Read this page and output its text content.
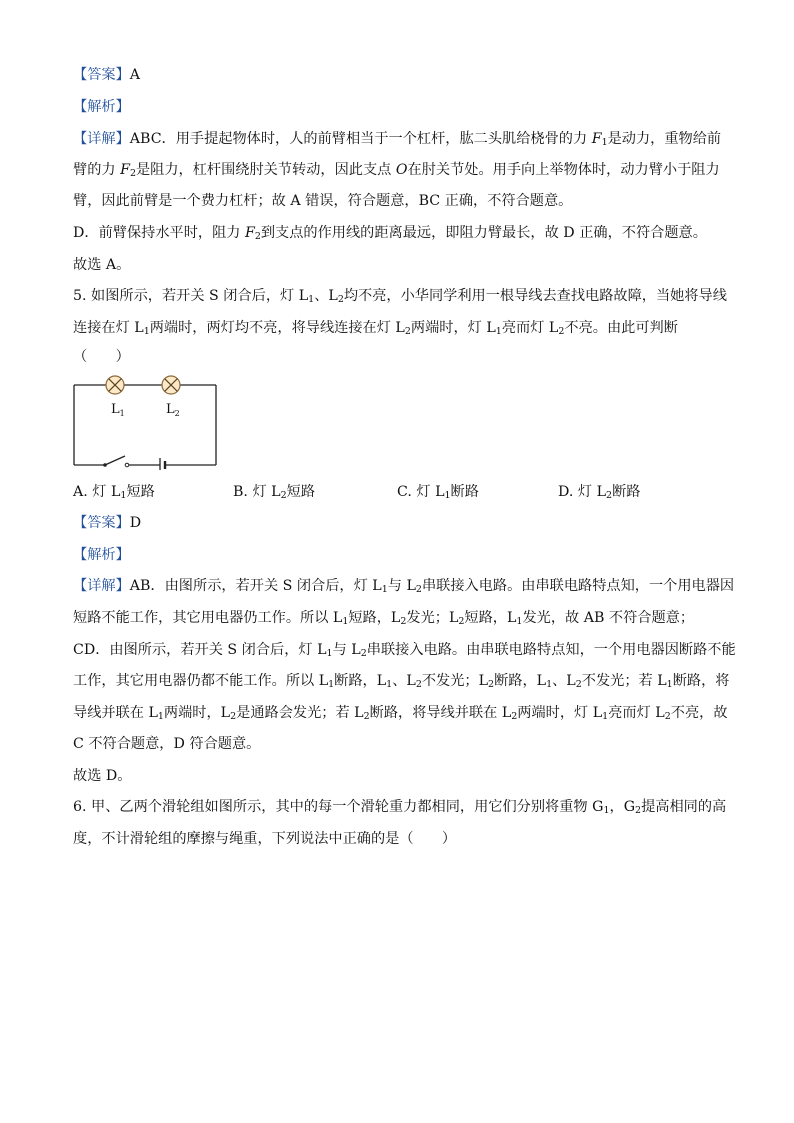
【答案】A
【解析】
【详解】ABC．用手提起物体时，人的前臂相当于一个杠杆，肱二头肌给桡骨的力 $F_1$是动力，重物给前
臂的力 $F_2$是阻力，杠杆围绕肘关节转动，因此支点 O在肘关节处。用手向上举物体时，动力臂小于阻力
臂，因此前臂是一个费力杠杆；故 A 错误，符合题意，BC 正确，不符合题意。
D．前臂保持水平时，阻力 $F_2$到支点的作用线的距离最远，即阻力臂最长，故 D 正确，不符合题意。
故选 A。
5. 如图所示，若开关 S 闭合后，灯 $L_1$、$L_2$均不亮，小华同学利用一根导线去查找电路故障，当她将导线
连接在灯 $L_1$两端时，两灯均不亮，将导线连接在灯 $L_2$两端时，灯 $L_1$亮而灯 $L_2$不亮。由此可判断
（　　）
$L_1$	$L_2$
A. 灯 $L_1$短路	B. 灯 $L_2$短路	C. 灯 $L_1$断路	D. 灯 $L_2$断路
【答案】D
【解析】
【详解】AB．由图所示，若开关 S 闭合后，灯 $L_1$与 $L_2$串联接入电路。由串联电路特点知，一个用电器因
短路不能工作，其它用电器仍工作。所以 $L_1$短路，$L_2$发光；$L_2$短路，$L_1$发光，故 AB 不符合题意；
CD．由图所示，若开关 S 闭合后，灯 $L_1$与 $L_2$串联接入电路。由串联电路特点知，一个用电器因断路不能
工作，其它用电器仍都不能工作。所以 $L_1$断路，$L_1$、$L_2$不发光；$L_2$断路，$L_1$、$L_2$不发光；若 $L_1$断路，将
导线并联在 $L_1$两端时，$L_2$是通路会发光；若 $L_2$断路，将导线并联在 $L_2$两端时，灯 $L_1$亮而灯 $L_2$不亮，故
C 不符合题意，D 符合题意。
故选 D。
6. 甲、乙两个滑轮组如图所示，其中的每一个滑轮重力都相同，用它们分别将重物 $G_1$，$G_2$提高相同的高
度，不计滑轮组的摩擦与绳重，下列说法中正确的是（　　）
